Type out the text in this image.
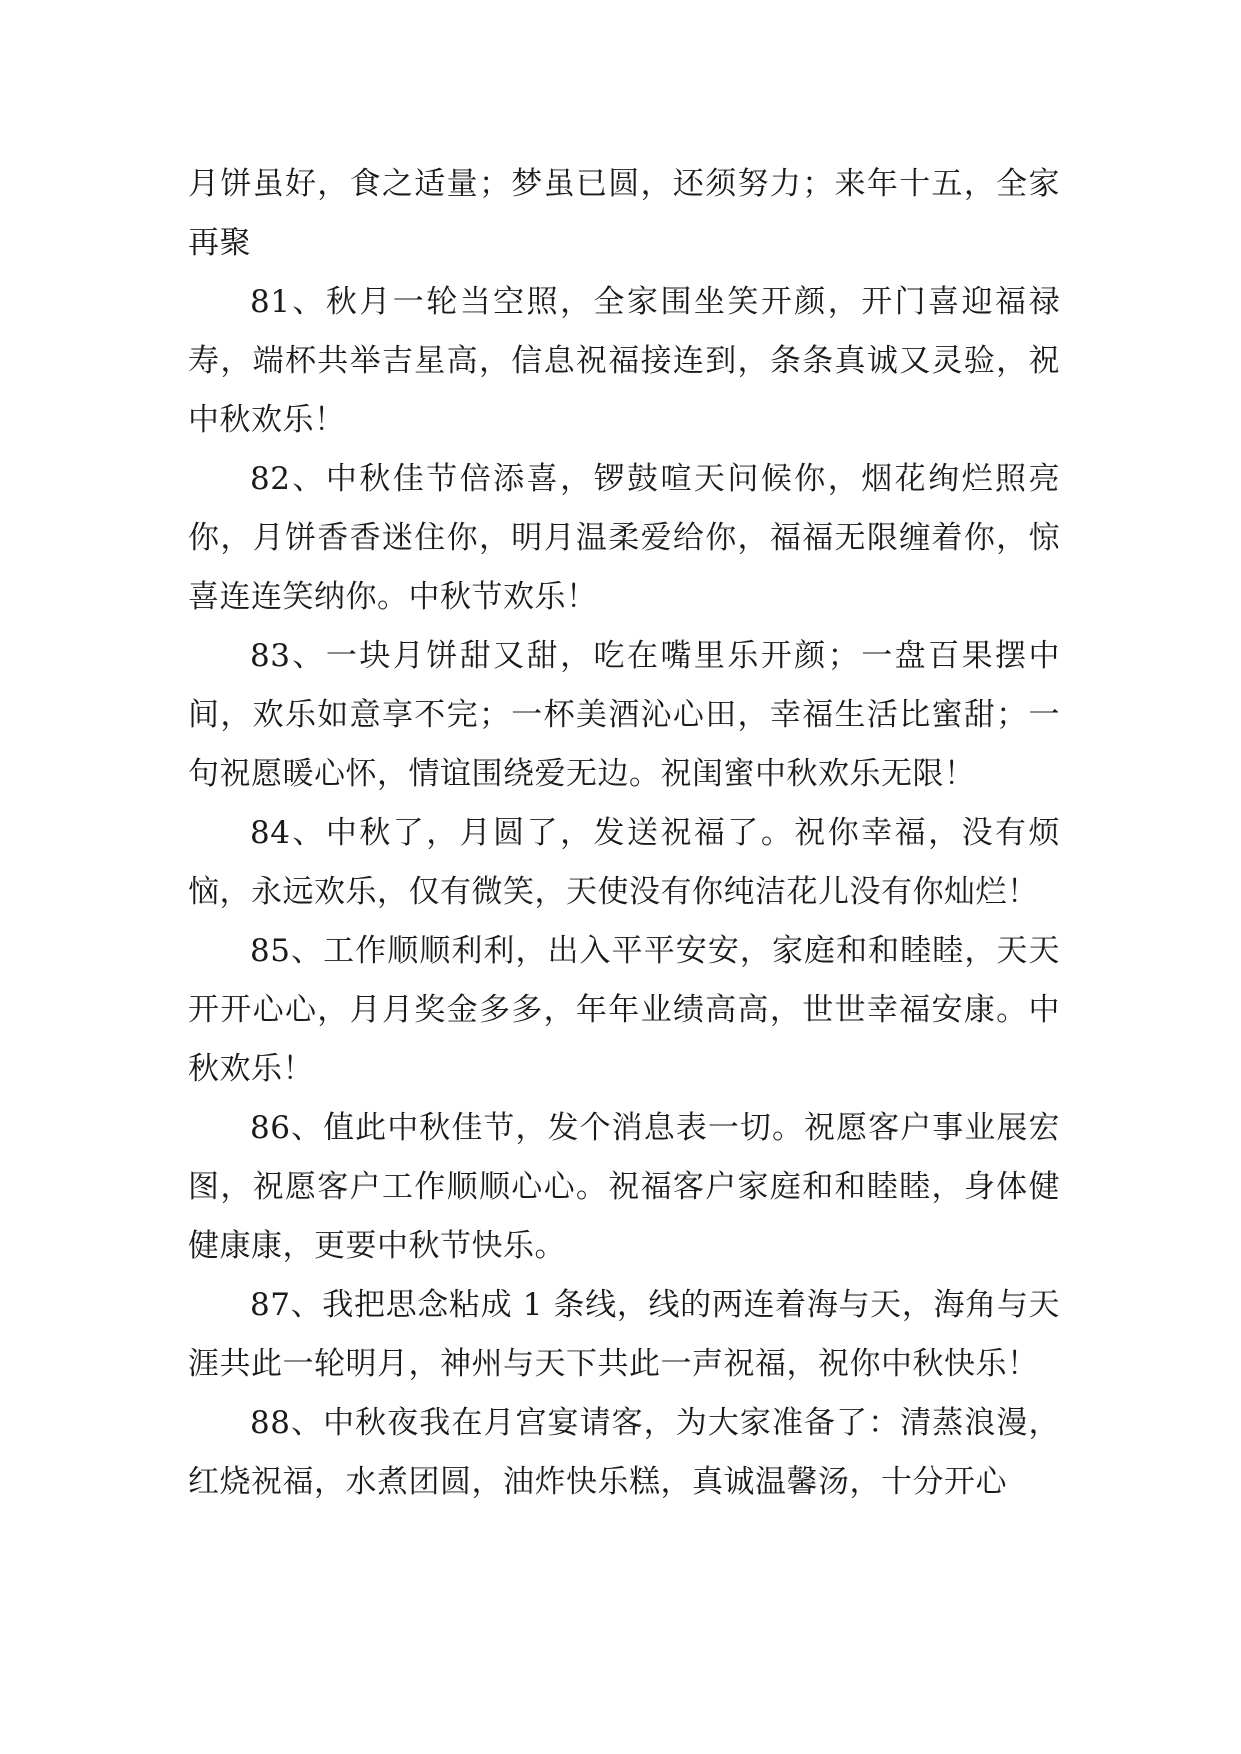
月饼虽好，食之适量；梦虽已圆，还须努力；来年十五，全家再聚

81、秋月一轮当空照，全家围坐笑开颜，开门喜迎福禄寿，端杯共举吉星高，信息祝福接连到，条条真诚又灵验，祝中秋欢乐！

82、中秋佳节倍添喜，锣鼓喧天问候你，烟花绚烂照亮你，月饼香香迷住你，明月温柔爱给你，福福无限缠着你，惊喜连连笑纳你。中秋节欢乐！

83、一块月饼甜又甜，吃在嘴里乐开颜；一盘百果摆中间，欢乐如意享不完；一杯美酒沁心田，幸福生活比蜜甜；一句祝愿暖心怀，情谊围绕爱无边。祝闺蜜中秋欢乐无限！

84、中秋了，月圆了，发送祝福了。祝你幸福，没有烦恼，永远欢乐，仅有微笑，天使没有你纯洁花儿没有你灿烂！

85、工作顺顺利利，出入平平安安，家庭和和睦睦，天天开开心心，月月奖金多多，年年业绩高高，世世幸福安康。中秋欢乐！

86、值此中秋佳节，发个消息表一切。祝愿客户事业展宏图，祝愿客户工作顺顺心心。祝福客户家庭和和睦睦，身体健健康康，更要中秋节快乐。

87、我把思念粘成 1 条线，线的两连着海与天，海角与天涯共此一轮明月，神州与天下共此一声祝福，祝你中秋快乐！

88、中秋夜我在月宫宴请客，为大家准备了：清蒸浪漫，红烧祝福，水煮团圆，油炸快乐糕，真诚温馨汤，十分开心
